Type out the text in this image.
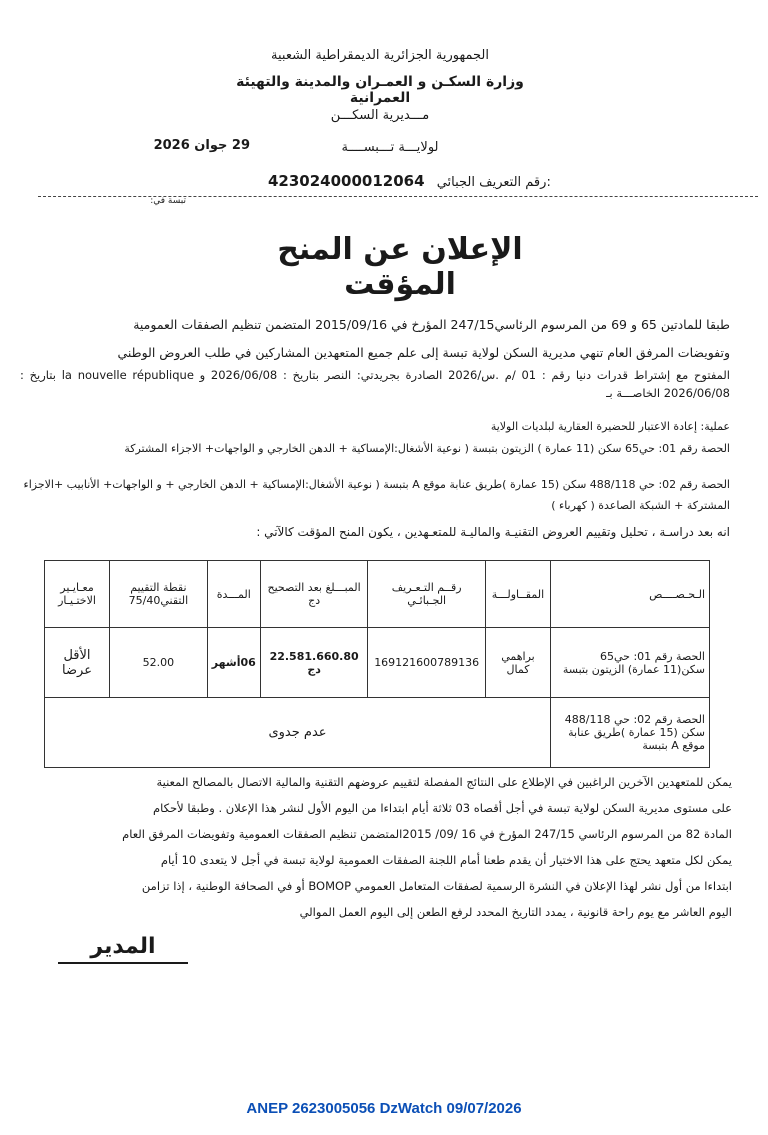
الجمهورية الجزائرية الديمقراطية الشعبية
وزارة السكـن و العمـران والمدينة والتهيئة العمرانية
مـــديرية السكـــن
لولايـــة تـــبســــة
29 جوان 2026
423024000012064 رقم التعريف الجبائي:
تبسة في:
الإعلان عن المنح المؤقت
طبقا للمادتين 65 و 69 من المرسوم الرئاسي247/15 المؤرخ في 2015/09/16 المتضمن تنظيم الصفقات العمومية
وتفويضات المرفق العام تنهي مديرية السكن لولاية تبسة إلى علم جميع المتعهدين المشاركين في طلب العروض الوطني
المفتوح مع إشتراط قدرات دنيا رقم : 01 /م .س/2026 الصادرة بجريدتي: النصر بتاريخ : 2026/06/08 و la nouvelle république بتاريخ : 2026/06/08 الخاصـــة بـ
عملية: إعادة الاعتبار للحضيرة العقارية لبلديات الولاية
الحصة رقم 01: حي65 سكن (11 عمارة ) الزيتون بتبسة ( نوعية الأشغال:الإمساكية + الدهن الخارجي و الواجهات+ الاجزاء المشتركة
الحصة رقم 02: حي 488/118 سكن (15 عمارة )طريق عنابة موقع A بتبسة ( نوعية الأشغال:الإمساكية + الدهن الخارجي + و الواجهات+ الأنابيب +الاجزاء المشتركة + الشبكة الصاعدة ( كهرباء )
انه بعد دراسـة ، تحليل وتقييم العروض التقنيـة والماليـة للمتعـهدين ، يكون المنح المؤقت كالآتي :
الـحـصــــص	المقــاولـــة	رقــم التـعـريف الجـبائـي	المبـــلغ بعد التصحيح دج	المـــدة	نقطة التقييم التقني75/40	معـايـير الاختـيـار
الحصة رقم 01: حي65 سكن(11 عمارة) الزيتون بتبسة	براهمي كمال	169121600789136	22.581.660.80 دج	06أشهر	52.00	الأقل عرضا
الحصة رقم 02: حي 488/118 سكن (15 عمارة )طريق عنابة موقع A بتبسة	عدم جدوى					
يمكن للمتعهدين الآخرين الراغبين في الإطلاع على النتائج المفصلة لتقييم عروضهم التقنية والمالية الاتصال بالمصالح المعنية
على مستوى مديرية السكن لولاية تبسة في أجل أقصاه 03 ثلاثة أيام ابتداءا من اليوم الأول لنشر هذا الإعلان . وطبقا لأحكام
المادة 82 من المرسوم الرئاسي 247/15 المؤرخ في 16 /09/ 2015المتضمن تنظيم الصفقات العمومية وتفويضات المرفق العام
يمكن لكل متعهد يحتج على هذا الاختيار أن يقدم طعنا أمام اللجنة الصفقات العمومية لولاية تبسة في أجل لا يتعدى 10 أيام
ابتداءا من أول نشر لهذا الإعلان في النشرة الرسمية لصفقات المتعامل العمومي BOMOP أو في الصحافة الوطنية ، إذا تزامن
اليوم العاشر مع يوم راحة قانونية ، يمدد التاريخ المحدد لرفع الطعن إلى اليوم العمل الموالي
المدير
ANEP 2623005056 DzWatch 09/07/2026
